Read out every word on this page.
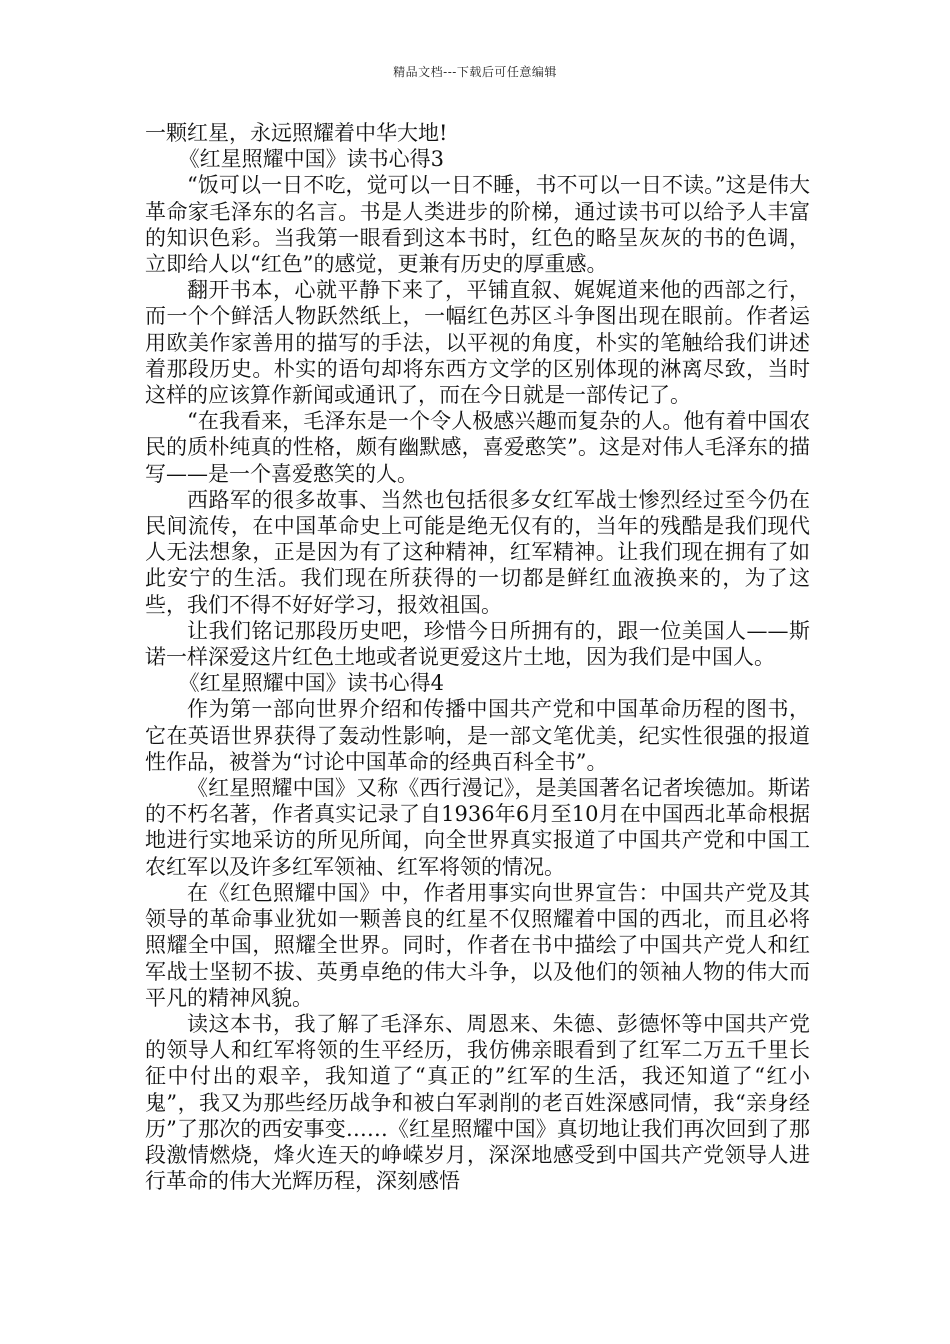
精品文档---下载后可任意编辑

一颗红星，永远照耀着中华大地!

《红星照耀中国》读书心得3

“饭可以一日不吃，觉可以一日不睡，书不可以一日不读。”这是伟大革命家毛泽东的名言。书是人类进步的阶梯，通过读书可以给予人丰富的知识色彩。当我第一眼看到这本书时，红色的略呈灰灰的书的色调，立即给人以“红色”的感觉，更兼有历史的厚重感。

翻开书本，心就平静下来了，平铺直叙、娓娓道来他的西部之行，而一个个鲜活人物跃然纸上，一幅红色苏区斗争图出现在眼前。作者运用欧美作家善用的描写的手法，以平视的角度，朴实的笔触给我们讲述着那段历史。朴实的语句却将东西方文学的区别体现的淋离尽致，当时这样的应该算作新闻或通讯了，而在今日就是一部传记了。

“在我看来，毛泽东是一个令人极感兴趣而复杂的人。他有着中国农民的质朴纯真的性格，颇有幽默感，喜爱憨笑”。这是对伟人毛泽东的描写——是一个喜爱憨笑的人。

西路军的很多故事、当然也包括很多女红军战士惨烈经过至今仍在民间流传，在中国革命史上可能是绝无仅有的，当年的残酷是我们现代人无法想象，正是因为有了这种精神，红军精神。让我们现在拥有了如此安宁的生活。我们现在所获得的一切都是鲜红血液换来的，为了这些，我们不得不好好学习，报效祖国。

让我们铭记那段历史吧，珍惜今日所拥有的，跟一位美国人——斯诺一样深爱这片红色土地或者说更爱这片土地，因为我们是中国人。

《红星照耀中国》读书心得4

作为第一部向世界介绍和传播中国共产党和中国革命历程的图书，它在英语世界获得了轰动性影响，是一部文笔优美，纪实性很强的报道性作品，被誉为“讨论中国革命的经典百科全书”。

《红星照耀中国》又称《西行漫记》，是美国著名记者埃德加。斯诺的不朽名著，作者真实记录了自1936年6月至10月在中国西北革命根据地进行实地采访的所见所闻，向全世界真实报道了中国共产党和中国工农红军以及许多红军领袖、红军将领的情况。

在《红色照耀中国》中，作者用事实向世界宣告：中国共产党及其领导的革命事业犹如一颗善良的红星不仅照耀着中国的西北，而且必将照耀全中国，照耀全世界。同时，作者在书中描绘了中国共产党人和红军战士坚韧不拔、英勇卓绝的伟大斗争，以及他们的领袖人物的伟大而平凡的精神风貌。

读这本书，我了解了毛泽东、周恩来、朱德、彭德怀等中国共产党的领导人和红军将领的生平经历，我仿佛亲眼看到了红军二万五千里长征中付出的艰辛，我知道了“真正的”红军的生活，我还知道了“红小鬼”，我又为那些经历战争和被白军剥削的老百姓深感同情，我“亲身经历”了那次的西安事变……《红星照耀中国》真切地让我们再次回到了那段激情燃烧，烽火连天的峥嵘岁月，深深地感受到中国共产党领导人进行革命的伟大光辉历程，深刻感悟
